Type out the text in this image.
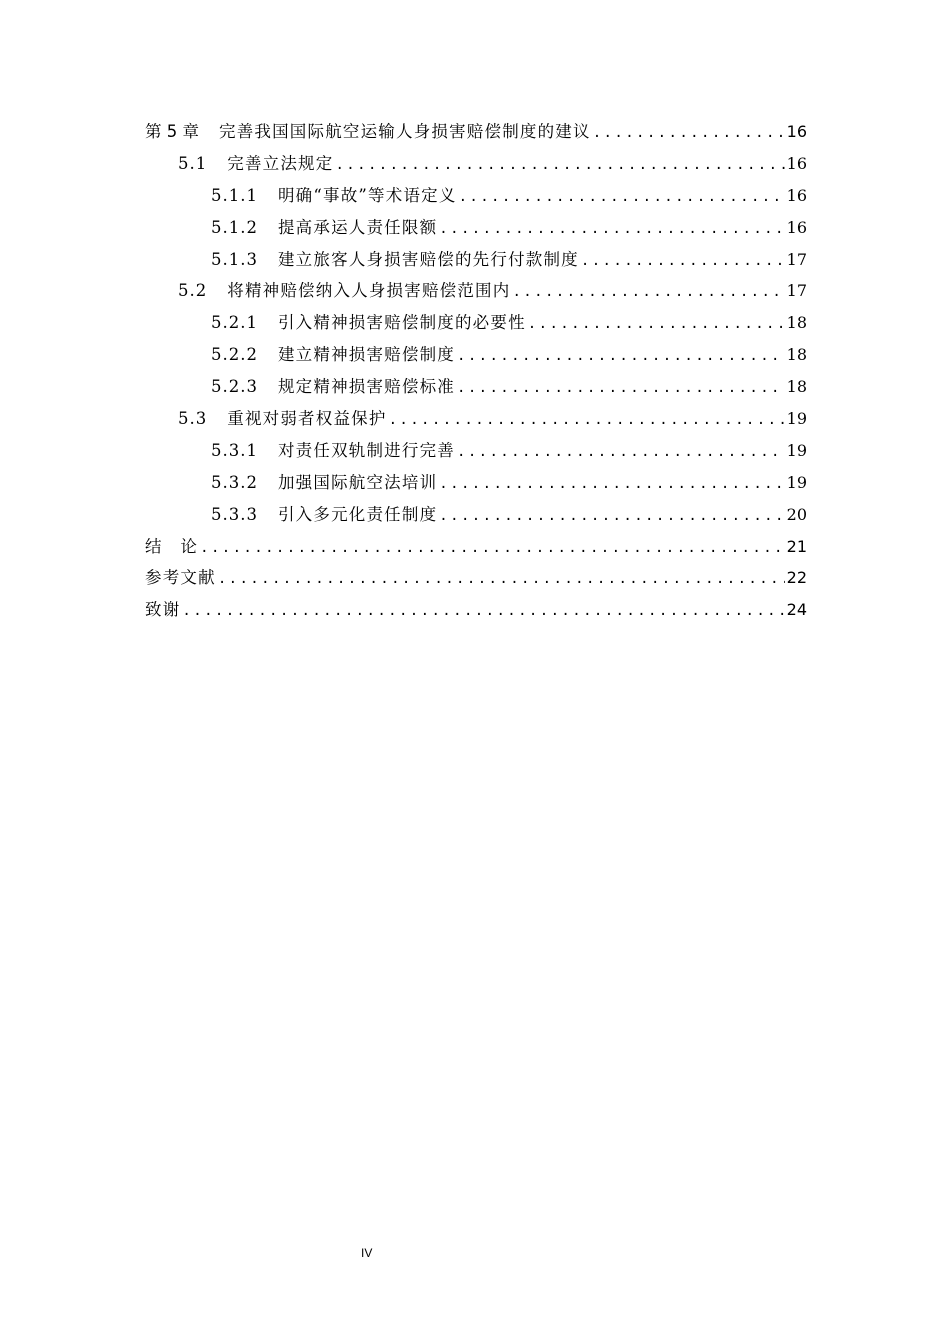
第 5 章 完善我国国际航空运输人身损害赔偿制度的建议 .....	16
5.1 完善立法规定 .....	16
5.1.1 明确“事故”等术语定义 .....	16
5.1.2 提高承运人责任限额 .....	16
5.1.3 建立旅客人身损害赔偿的先行付款制度 .....	17
5.2 将精神赔偿纳入人身损害赔偿范围内 .....	17
5.2.1 引入精神损害赔偿制度的必要性 .....	18
5.2.2 建立精神损害赔偿制度 .....	18
5.2.3 规定精神损害赔偿标准 .....	18
5.3 重视对弱者权益保护 .....	19
5.3.1 对责任双轨制进行完善 .....	19
5.3.2 加强国际航空法培训 .....	19
5.3.3 引入多元化责任制度 .....	20
结　论 .....	21
参考文献 .....	22
致谢 .....	24
IV
